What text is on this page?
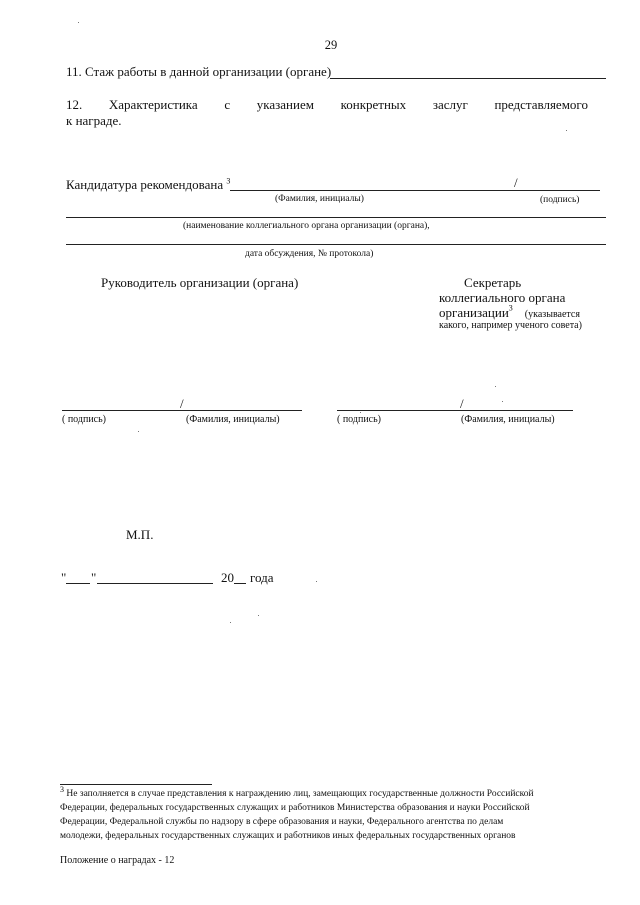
29
11. Стаж работы в данной организации (органе)
12. Характеристика с указанием конкретных заслуг представляемого
к награде.
Кандидатура рекомендована $^3$	/
(Фамилия, инициалы)	(подпись)
(наименование коллегиального органа организации (органа),
дата обсуждения, № протокола)
Руководитель организации (органа)	Секретарь
коллегиального органа
организации$^3$ (указывается
какого, например ученого совета)
/	/
( подпись)	(Фамилия, инициалы)	( подпись)	(Фамилия, инициалы)
М.П.
" "	20 года
$^3$ Не заполняется в случае представления к награждению лиц, замещающих государственные должности Российской
Федерации, федеральных государственных служащих и работников Министерства образования и науки Российской
Федерации, Федеральной службы по надзору в сфере образования и науки, Федерального агентства по делам
молодежи, федеральных государственных служащих и работников иных федеральных государственных органов
Положение о наградах - 12
